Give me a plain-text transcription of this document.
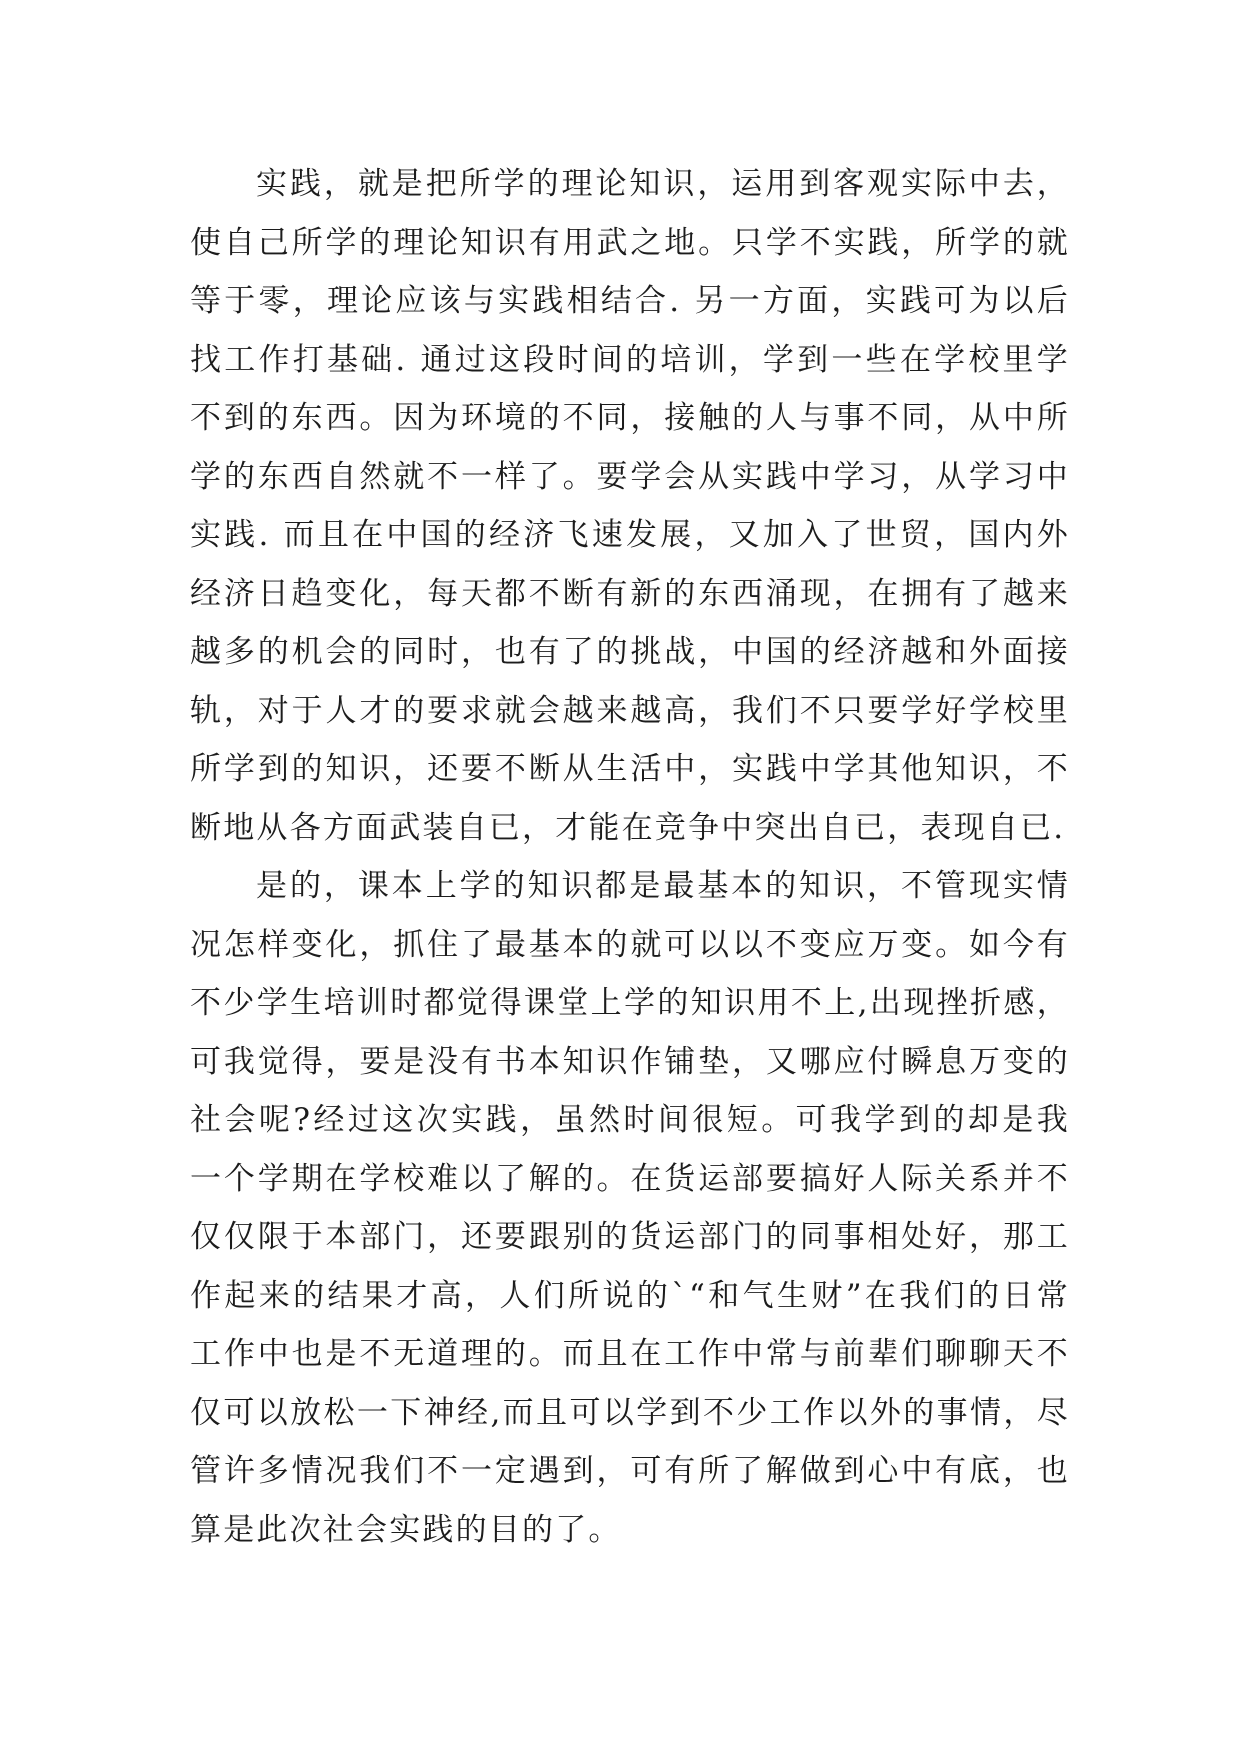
实践，就是把所学的理论知识，运用到客观实际中去，使自己所学的理论知识有用武之地。只学不实践，所学的就等于零，理论应该与实践相结合. 另一方面，实践可为以后找工作打基础. 通过这段时间的培训，学到一些在学校里学不到的东西。因为环境的不同，接触的人与事不同，从中所学的东西自然就不一样了。要学会从实践中学习，从学习中实践. 而且在中国的经济飞速发展，又加入了世贸，国内外经济日趋变化，每天都不断有新的东西涌现，在拥有了越来越多的机会的同时，也有了的挑战，中国的经济越和外面接轨，对于人才的要求就会越来越高，我们不只要学好学校里所学到的知识，还要不断从生活中，实践中学其他知识，不断地从各方面武装自已，才能在竞争中突出自已，表现自已.

是的，课本上学的知识都是最基本的知识，不管现实情况怎样变化，抓住了最基本的就可以以不变应万变。如今有不少学生培训时都觉得课堂上学的知识用不上,出现挫折感，可我觉得，要是没有书本知识作铺垫，又哪应付瞬息万变的社会呢?经过这次实践，虽然时间很短。可我学到的却是我一个学期在学校难以了解的。在货运部要搞好人际关系并不仅仅限于本部门，还要跟别的货运部门的同事相处好，那工作起来的结果才高，人们所说的`“和气生财”在我们的日常工作中也是不无道理的。而且在工作中常与前辈们聊聊天不仅可以放松一下神经,而且可以学到不少工作以外的事情，尽管许多情况我们不一定遇到，可有所了解做到心中有底，也算是此次社会实践的目的了。
